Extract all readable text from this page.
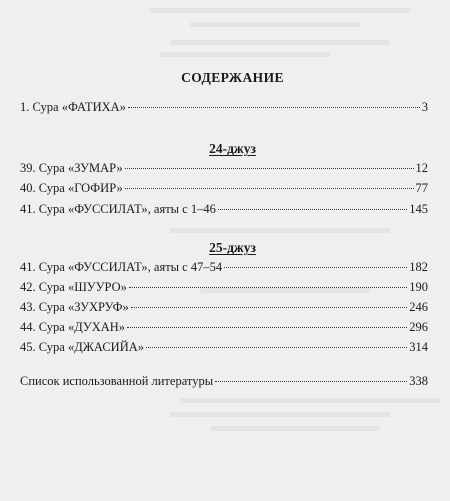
СОДЕРЖАНИЕ
1. Сура «ФАТИХА»	3
24-джуз
39. Сура «ЗУМАР»	12
40. Сура «ГОФИР»	77
41. Сура «ФУССИЛАТ», аяты с 1–46	145
25-джуз
41. Сура «ФУССИЛАТ», аяты с 47–54	182
42. Сура «ШУУРО»	190
43. Сура «ЗУХРУФ»	246
44. Сура «ДУХАН»	296
45. Сура «ДЖАСИЙА»	314
Список использованной литературы	338
